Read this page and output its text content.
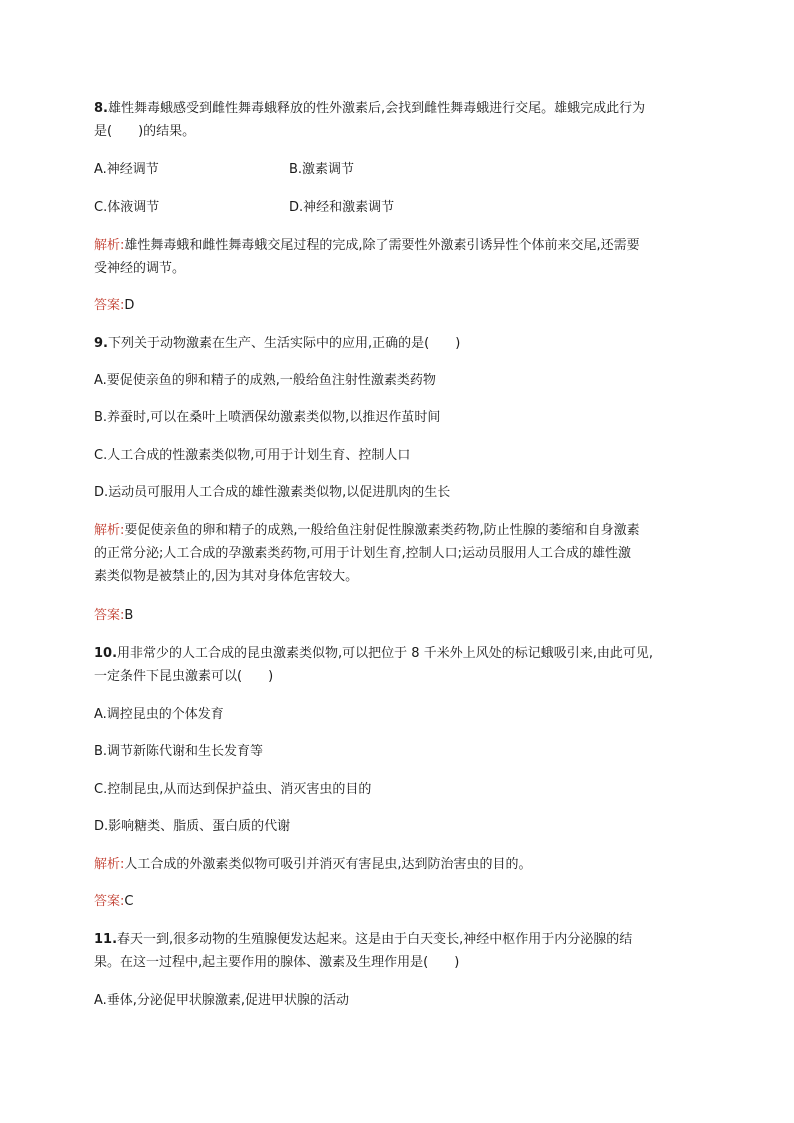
8.雄性舞毒蛾感受到雌性舞毒蛾释放的性外激素后,会找到雌性舞毒蛾进行交尾。雄蛾完成此行为
是(　　)的结果。
A.神经调节	B.激素调节
C.体液调节	D.神经和激素调节
解析:雄性舞毒蛾和雌性舞毒蛾交尾过程的完成,除了需要性外激素引诱异性个体前来交尾,还需要
受神经的调节。
答案:D
9.下列关于动物激素在生产、生活实际中的应用,正确的是(　　)
A.要促使亲鱼的卵和精子的成熟,一般给鱼注射性激素类药物
B.养蚕时,可以在桑叶上喷洒保幼激素类似物,以推迟作茧时间
C.人工合成的性激素类似物,可用于计划生育、控制人口
D.运动员可服用人工合成的雄性激素类似物,以促进肌肉的生长
解析:要促使亲鱼的卵和精子的成熟,一般给鱼注射促性腺激素类药物,防止性腺的萎缩和自身激素
的正常分泌;人工合成的孕激素类药物,可用于计划生育,控制人口;运动员服用人工合成的雄性激
素类似物是被禁止的,因为其对身体危害较大。
答案:B
10.用非常少的人工合成的昆虫激素类似物,可以把位于 8 千米外上风处的标记蛾吸引来,由此可见,
一定条件下昆虫激素可以(　　)
A.调控昆虫的个体发育
B.调节新陈代谢和生长发育等
C.控制昆虫,从而达到保护益虫、消灭害虫的目的
D.影响糖类、脂质、蛋白质的代谢
解析:人工合成的外激素类似物可吸引并消灭有害昆虫,达到防治害虫的目的。
答案:C
11.春天一到,很多动物的生殖腺便发达起来。这是由于白天变长,神经中枢作用于内分泌腺的结
果。在这一过程中,起主要作用的腺体、激素及生理作用是(　　)
A.垂体,分泌促甲状腺激素,促进甲状腺的活动
